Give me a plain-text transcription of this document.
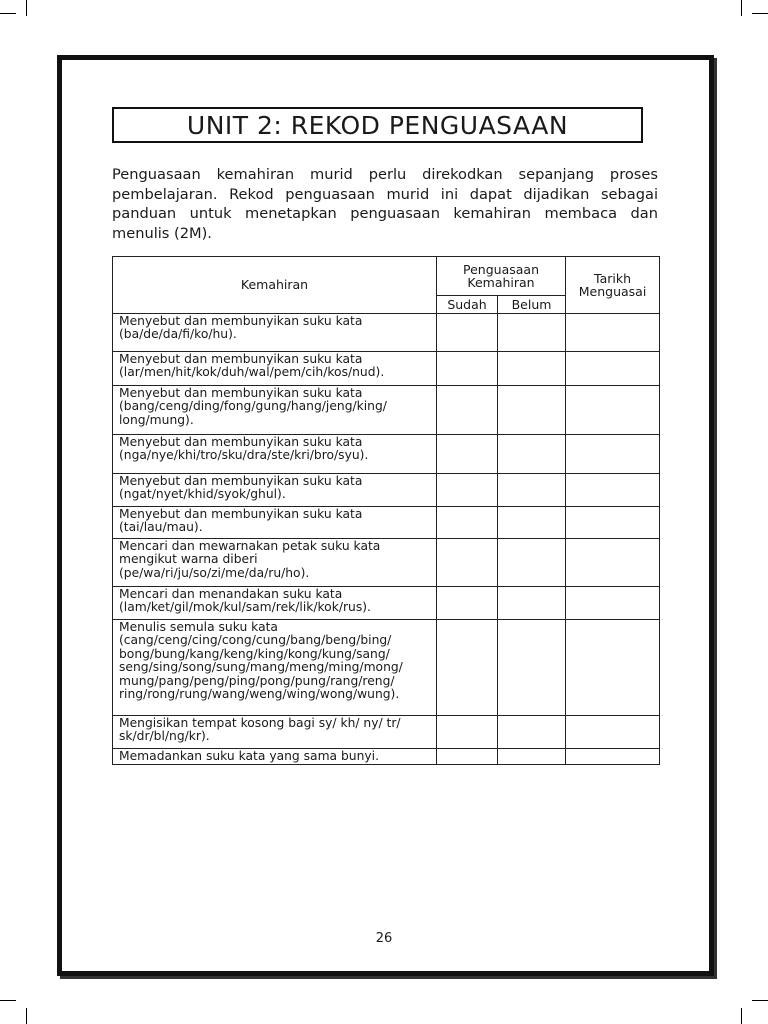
UNIT 2: REKOD PENGUASAAN
Penguasaan kemahiran murid perlu direkodkan sepanjang proses pembelajaran. Rekod penguasaan murid ini dapat dijadikan sebagai panduan untuk menetapkan penguasaan kemahiran membaca dan menulis (2M).
Kemahiran	Penguasaan Kemahiran		Tarikh Menguasai
	Sudah	Belum	
Menyebut dan membunyikan suku kata (ba/de/da/fi/ko/hu).			
Menyebut dan membunyikan suku kata (lar/men/hit/kok/duh/wal/pem/cih/kos/nud).			
Menyebut dan membunyikan suku kata (bang/ceng/ding/fong/gung/hang/jeng/king/ long/mung).			
Menyebut dan membunyikan suku kata (nga/nye/khi/tro/sku/dra/ste/kri/bro/syu).			
Menyebut dan membunyikan suku kata (ngat/nyet/khid/syok/ghul).			
Menyebut dan membunyikan suku kata (tai/lau/mau).			
Mencari dan mewarnakan petak suku kata mengikut warna diberi (pe/wa/ri/ju/so/zi/me/da/ru/ho).			
Mencari dan menandakan suku kata (lam/ket/gil/mok/kul/sam/rek/lik/kok/rus).			
Menulis semula suku kata (cang/ceng/cing/cong/cung/bang/beng/bing/ bong/bung/kang/keng/king/kong/kung/sang/ seng/sing/song/sung/mang/meng/ming/mong/ mung/pang/peng/ping/pong/pung/rang/reng/ ring/rong/rung/wang/weng/wing/wong/wung).			
Mengisikan tempat kosong bagi sy/ kh/ ny/ tr/ sk/dr/bl/ng/kr).			
Memadankan suku kata yang sama bunyi.			
26
